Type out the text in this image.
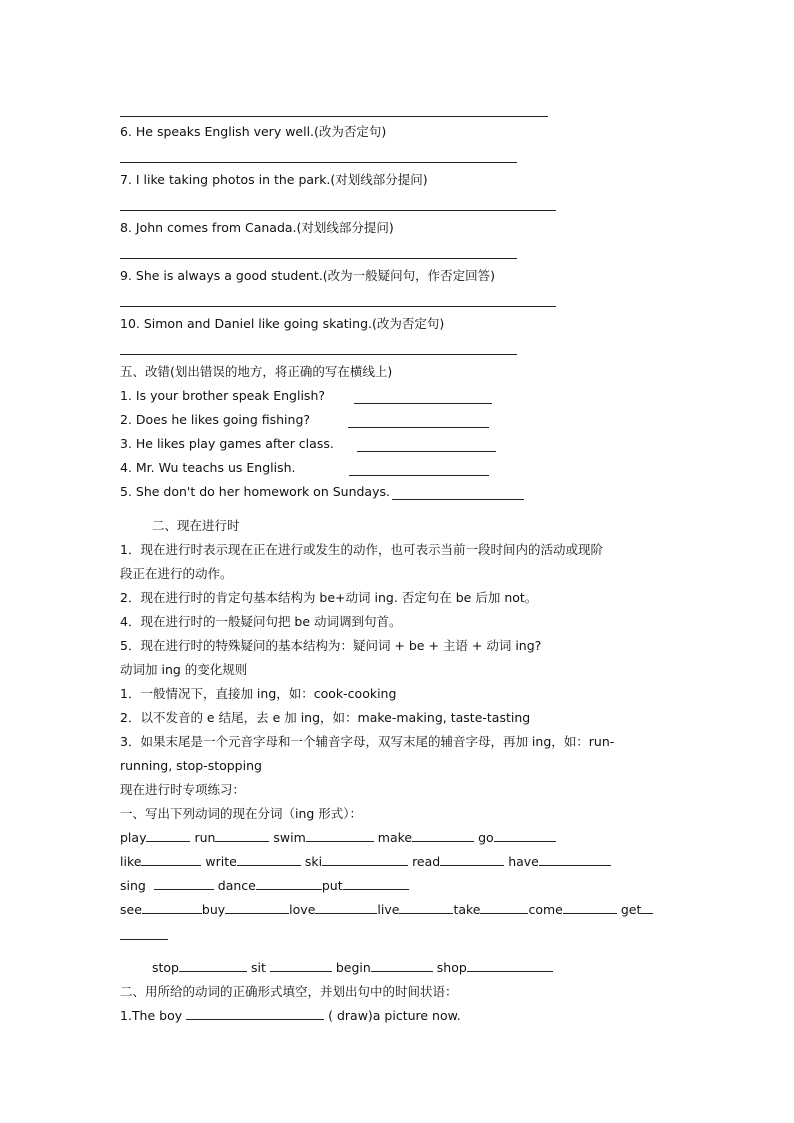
6. He speaks English very well.(改为否定句)
7. I like taking photos in the park.(对划线部分提问)
8. John comes from Canada.(对划线部分提问)
9. She is always a good student.(改为一般疑问句，作否定回答)
10. Simon and Daniel like going skating.(改为否定句)
五、改错(划出错误的地方，将正确的写在横线上)
1. Is your brother speak English?
2. Does he likes going fishing?
3. He likes play games after class.
4. Mr. Wu teachs us English.
5. She don't do her homework on Sundays.
二、现在进行时
1．现在进行时表示现在正在进行或发生的动作，也可表示当前一段时间内的活动或现阶
段正在进行的动作。
2．现在进行时的肯定句基本结构为 be+动词 ing. 否定句在 be 后加 not。
4．现在进行时的一般疑问句把 be 动词调到句首。
5．现在进行时的特殊疑问的基本结构为：疑问词 + be + 主语 + 动词 ing?
动词加 ing 的变化规则
1．一般情况下，直接加 ing，如：cook-cooking
2．以不发音的 e 结尾，去 e 加 ing，如：make-making, taste-tasting
3．如果末尾是一个元音字母和一个辅音字母，双写末尾的辅音字母，再加 ing，如：run-
running, stop-stopping
现在进行时专项练习：
一、写出下列动词的现在分词（ing 形式）：
play	run	swim	make	go
like	write	ski	read	have
sing	dance	put
see	buy	love	live	take	come	get
stop	sit	begin	shop
二、用所给的动词的正确形式填空，并划出句中的时间状语：
1.The boy	( draw)a picture now.
